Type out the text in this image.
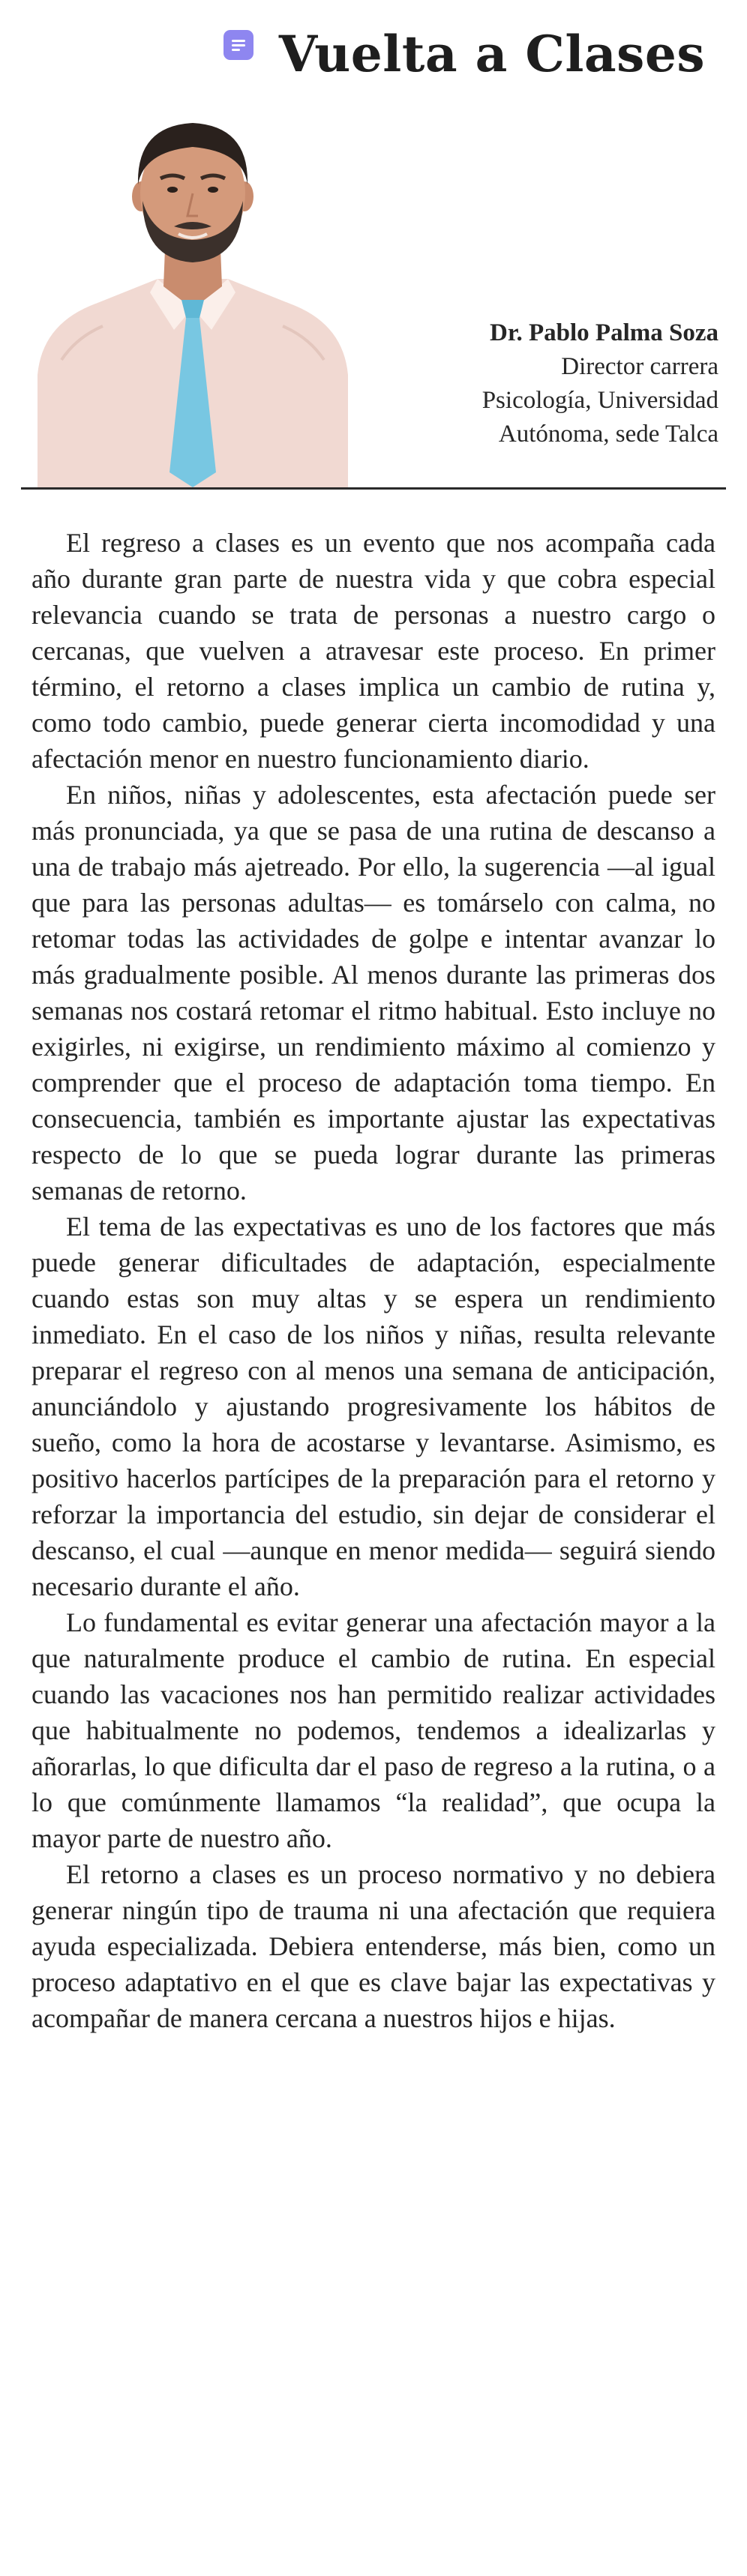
Vuelta a Clases
Dr. Pablo Palma Soza
Director carrera
Psicología, Universidad
Autónoma, sede Talca

El regreso a clases es un evento que nos acompaña cada año durante gran parte de nuestra vida y que cobra especial relevancia cuando se trata de personas a nuestro cargo o cercanas, que vuelven a atravesar este proceso. En primer término, el retorno a clases implica un cambio de rutina y, como todo cambio, puede generar cierta incomodidad y una afectación menor en nuestro funcionamiento diario.

En niños, niñas y adolescentes, esta afectación puede ser más pronunciada, ya que se pasa de una rutina de descanso a una de trabajo más ajetreado. Por ello, la sugerencia —al igual que para las personas adultas— es tomárselo con calma, no retomar todas las actividades de golpe e intentar avanzar lo más gradualmente posible. Al menos durante las primeras dos semanas nos costará retomar el ritmo habitual. Esto incluye no exigirles, ni exigirse, un rendimiento máximo al comienzo y comprender que el proceso de adaptación toma tiempo. En consecuencia, también es importante ajustar las expectativas respecto de lo que se pueda lograr durante las primeras semanas de retorno.

El tema de las expectativas es uno de los factores que más puede generar dificultades de adaptación, especialmente cuando estas son muy altas y se espera un rendimiento inmediato. En el caso de los niños y niñas, resulta relevante preparar el regreso con al menos una semana de anticipación, anunciándolo y ajustando progresivamente los hábitos de sueño, como la hora de acostarse y levantarse. Asimismo, es positivo hacerlos partícipes de la preparación para el retorno y reforzar la importancia del estudio, sin dejar de considerar el descanso, el cual —aunque en menor medida— seguirá siendo necesario durante el año.

Lo fundamental es evitar generar una afectación mayor a la que naturalmente produce el cambio de rutina. En especial cuando las vacaciones nos han permitido realizar actividades que habitualmente no podemos, tendemos a idealizarlas y añorarlas, lo que dificulta dar el paso de regreso a la rutina, o a lo que comúnmente llamamos “la realidad”, que ocupa la mayor parte de nuestro año.

El retorno a clases es un proceso normativo y no debiera generar ningún tipo de trauma ni una afectación que requiera ayuda especializada. Debiera entenderse, más bien, como un proceso adaptativo en el que es clave bajar las expectativas y acompañar de manera cercana a nuestros hijos e hijas.
